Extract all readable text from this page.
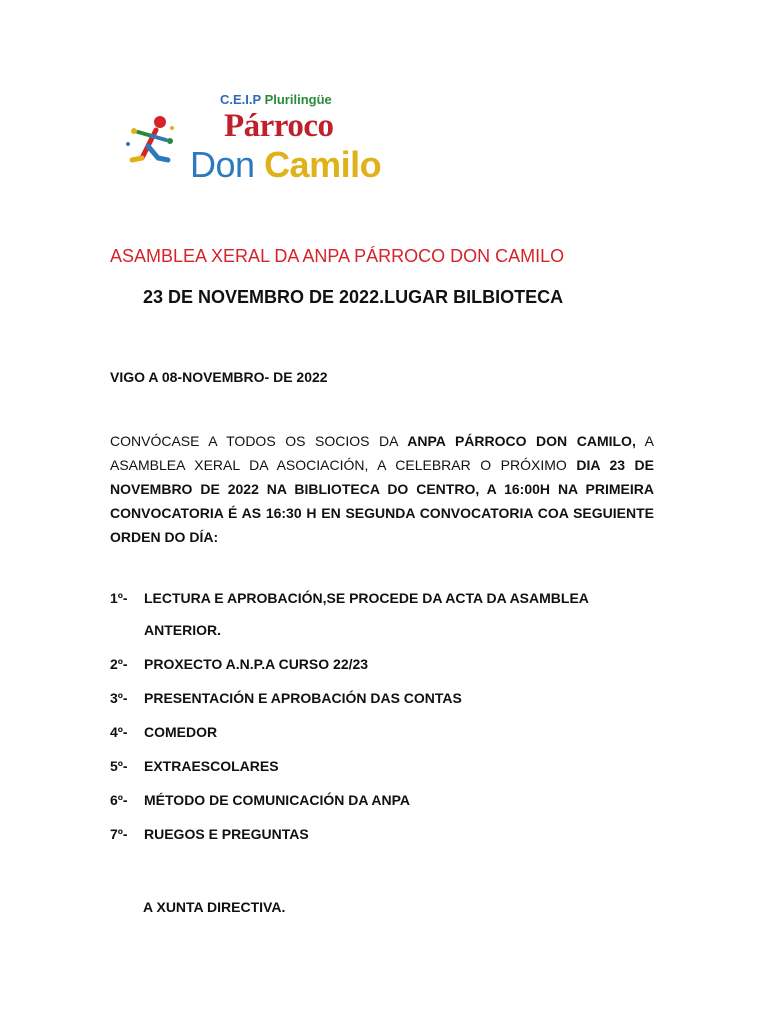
C.E.I.P Plurilingüe
Párroco
Don Camilo
ASAMBLEA XERAL DA ANPA PÁRROCO DON CAMILO
23 DE NOVEMBRO DE 2022.LUGAR BILBIOTECA
VIGO A 08-NOVEMBRO- DE 2022
CONVÓCASE A TODOS OS SOCIOS DA ANPA PÁRROCO DON CAMILO, A ASAMBLEA XERAL DA ASOCIACIÓN, A CELEBRAR O PRÓXIMO DIA 23 DE NOVEMBRO DE 2022 NA BIBLIOTECA DO CENTRO, A 16:00H NA PRIMEIRA CONVOCATORIA É AS 16:30 H EN SEGUNDA CONVOCATORIA COA SEGUIENTE ORDEN DO DÍA:
1º- LECTURA E APROBACIÓN,SE PROCEDE DA ACTA DA ASAMBLEA
ANTERIOR.
2º- PROXECTO A.N.P.A CURSO 22/23
3º- PRESENTACIÓN E APROBACIÓN DAS CONTAS
4º- COMEDOR
5º- EXTRAESCOLARES
6º- MÉTODO DE COMUNICACIÓN DA ANPA
7º- RUEGOS E PREGUNTAS
A XUNTA DIRECTIVA.
